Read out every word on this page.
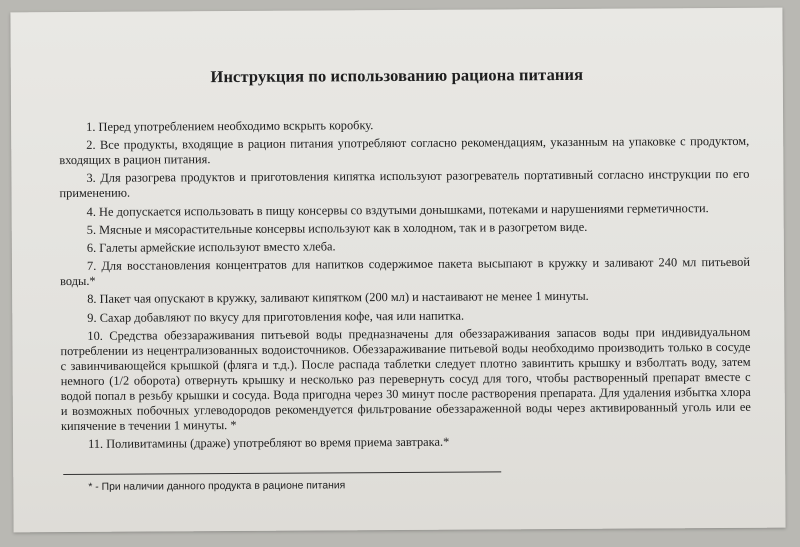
Инструкция по использованию рациона питания

1. Перед употреблением необходимо вскрыть коробку.

2. Все продукты, входящие в рацион питания употребляют согласно рекомендациям, указанным на упаковке с продуктом, входящих в рацион питания.

3. Для разогрева продуктов и приготовления кипятка используют разогреватель портативный согласно инструкции по его применению.

4. Не допускается использовать в пищу консервы со вздутыми донышками, потеками и нарушениями герметичности.

5. Мясные и мясорастительные консервы используют как в холодном, так и в разогретом виде.

6. Галеты армейские используют вместо хлеба.

7. Для восстановления концентратов для напитков содержимое пакета высыпают в кружку и заливают 240 мл питьевой воды.*

8. Пакет чая опускают в кружку, заливают кипятком (200 мл) и настаивают не менее 1 минуты.

9. Сахар добавляют по вкусу для приготовления кофе, чая или напитка.

10. Средства обеззараживания питьевой воды предназначены для обеззараживания запасов воды при индивидуальном потреблении из нецентрализованных водоисточников. Обеззараживание питьевой воды необходимо производить только в сосуде с завинчивающейся крышкой (фляга и т.д.). После распада таблетки следует плотно завинтить крышку и взболтать воду, затем немного (1/2 оборота) отвернуть крышку и несколько раз перевернуть сосуд для того, чтобы растворенный препарат вместе с водой попал в резьбу крышки и сосуда. Вода пригодна через 30 минут после растворения препарата. Для удаления избытка хлора и возможных побочных углеводородов рекомендуется фильтрование обеззараженной воды через активированный уголь или ее кипячение в течении 1 минуты. *

11. Поливитамины (драже) употребляют во время приема завтрака.*

* - При наличии данного продукта в рационе питания
